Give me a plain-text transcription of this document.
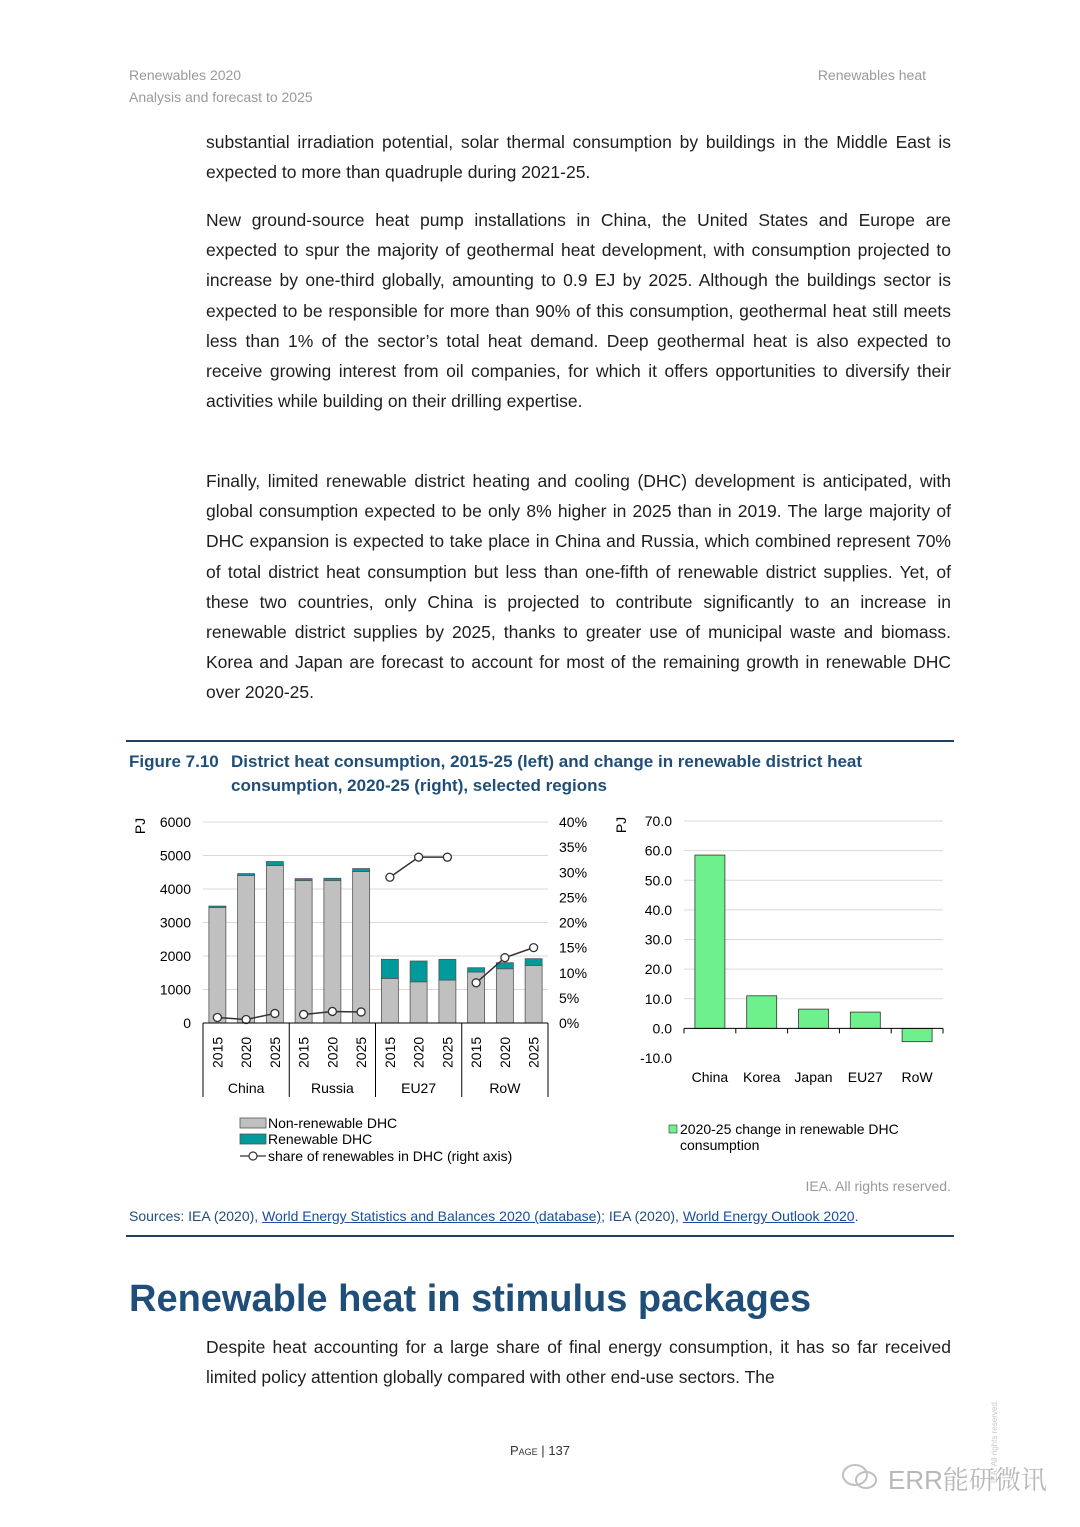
Renewables 2020
Analysis and forecast to 2025
Renewables heat

substantial irradiation potential, solar thermal consumption by buildings in the Middle East is expected to more than quadruple during 2021-25.

New ground-source heat pump installations in China, the United States and Europe are expected to spur the majority of geothermal heat development, with consumption projected to increase by one-third globally, amounting to 0.9 EJ by 2025. Although the buildings sector is expected to be responsible for more than 90% of this consumption, geothermal heat still meets less than 1% of the sector’s total heat demand. Deep geothermal heat is also expected to receive growing interest from oil companies, for which it offers opportunities to diversify their activities while building on their drilling expertise.

Finally, limited renewable district heating and cooling (DHC) development is anticipated, with global consumption expected to be only 8% higher in 2025 than in 2019. The large majority of DHC expansion is expected to take place in China and Russia, which combined represent 70% of total district heat consumption but less than one-fifth of renewable district supplies. Yet, of these two countries, only China is projected to contribute significantly to an increase in renewable district supplies by 2025, thanks to greater use of municipal waste and biomass. Korea and Japan are forecast to account for most of the remaining growth in renewable DHC over 2020-25.

Figure 7.10 District heat consumption, 2015-25 (left) and change in renewable district heat consumption, 2020-25 (right), selected regions
0
1000
2000
3000
4000
5000
6000
0%
5%
10%
15%
20%
25%
30%
35%
40%
PJ
2015 2020 2025 2015 2020 2025 2015 2020 2025 2015 2020 2025
China	Russia	EU27	RoW
Non-renewable DHC
Renewable DHC
share of renewables in DHC (right axis)
-10.0
0.0
10.0
20.0
30.0
40.0
50.0
60.0
70.0
PJ
China Korea Japan EU27 RoW
2020-25 change in renewable DHC
consumption
IEA. All rights reserved.
Sources: IEA (2020), World Energy Statistics and Balances 2020 (database); IEA (2020), World Energy Outlook 2020.
Renewable heat in stimulus packages

Despite heat accounting for a large share of final energy consumption, it has so far received limited policy attention globally compared with other end-use sectors. The

Page | 137	IEA. All rights reserved.
ERR能研微讯
